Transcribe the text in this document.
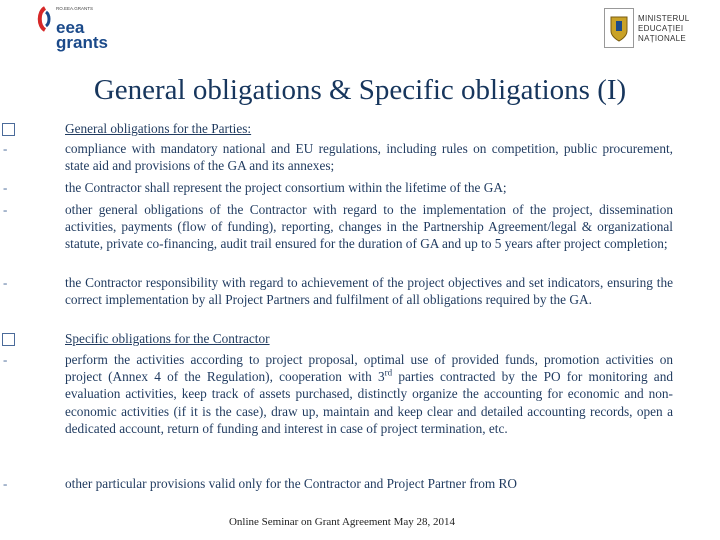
RO.EEA.GRANTS
eea
grants
MINISTERUL
EDUCAȚIEI
NAȚIONALE
General obligations & Specific obligations (I)
General obligations for the Parties:
-	compliance with mandatory national and EU regulations, including rules on competition, public procurement, state aid and provisions of the GA and its annexes;
-	the Contractor shall represent the project consortium within the lifetime of the GA;
-	other general obligations of the Contractor with regard to the implementation of the project, dissemination activities, payments (flow of funding), reporting, changes in the Partnership Agreement/legal & organizational statute, private co-financing, audit trail ensured for the duration of GA and up to 5 years after project completion;
-	the Contractor responsibility with regard to achievement of the project objectives and set indicators, ensuring the correct implementation by all Project Partners and fulfilment of all obligations required by the GA.
Specific obligations for the Contractor
-	perform the activities according to project proposal, optimal use of provided funds, promotion activities on project (Annex 4 of the Regulation), cooperation with 3rd parties contracted by the PO for monitoring and evaluation activities, keep track of assets purchased, distinctly organize the accounting for economic and non-economic activities (if it is the case), draw up, maintain and keep clear and detailed accounting records, open a dedicated account, return of funding and interest in case of project termination, etc.
-	other particular provisions valid only for the Contractor and Project Partner from RO
Online Seminar on Grant Agreement May 28, 2014
